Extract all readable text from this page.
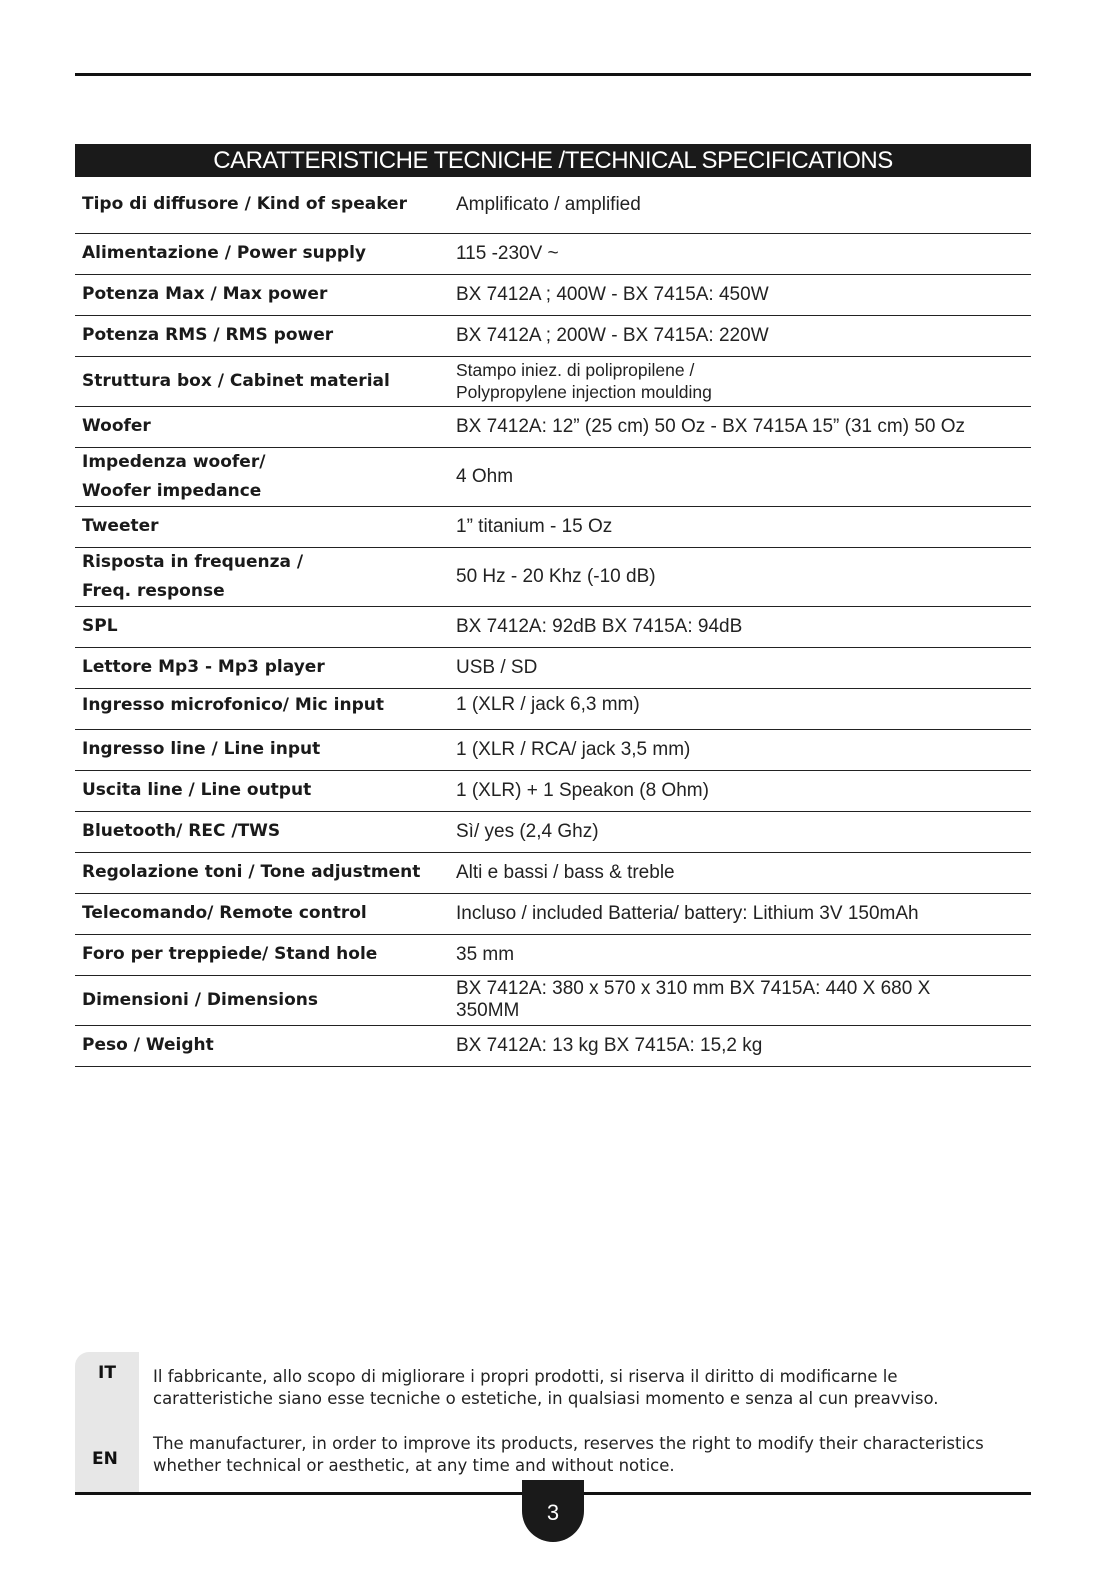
CARATTERISTICHE TECNICHE /TECHNICAL SPECIFICATIONS
Tipo di diffusore / Kind of speaker	Amplificato / amplified

Alimentazione / Power supply	115 -230V ~

Potenza Max / Max power	BX 7412A ; 400W - BX 7415A: 450W

Potenza RMS / RMS power	BX 7412A ; 200W - BX 7415A: 220W

Struttura box / Cabinet material	Stampo iniez. di polipropilene /
Polypropylene injection moulding

Woofer	BX 7412A: 12” (25 cm) 50 Oz - BX 7415A 15” (31 cm) 50 Oz

Impedenza woofer/
Woofer impedance	4 Ohm

Tweeter	1” titanium - 15 Oz

Risposta in frequenza /
Freq. response	50 Hz - 20 Khz (-10 dB)

SPL	BX 7412A: 92dB BX 7415A: 94dB

Lettore Mp3 - Mp3 player	USB / SD

Ingresso microfonico/ Mic input	1 (XLR / jack 6,3 mm)

Ingresso line / Line input	1 (XLR / RCA/ jack 3,5 mm)

Uscita line / Line output	1 (XLR) + 1 Speakon (8 Ohm)

Bluetooth/ REC /TWS	Sì/ yes (2,4 Ghz)

Regolazione toni / Tone adjustment	Alti e bassi / bass & treble

Telecomando/ Remote control	Incluso / included Batteria/ battery: Lithium 3V 150mAh

Foro per treppiede/ Stand hole	35 mm

Dimensioni / Dimensions	BX 7412A: 380 x 570 x 310 mm BX 7415A: 440 X 680 X
350MM

Peso / Weight	BX 7412A: 13 kg BX 7415A: 15,2 kg
IT
EN
Il fabbricante, allo scopo di migliorare i propri prodotti, si riserva il diritto di modificarne le caratteristiche siano esse tecniche o estetiche, in qualsiasi momento e senza al cun preavviso.
The manufacturer, in order to improve its products, reserves the right to modify their characteristics whether technical or aesthetic, at any time and without notice.
3
